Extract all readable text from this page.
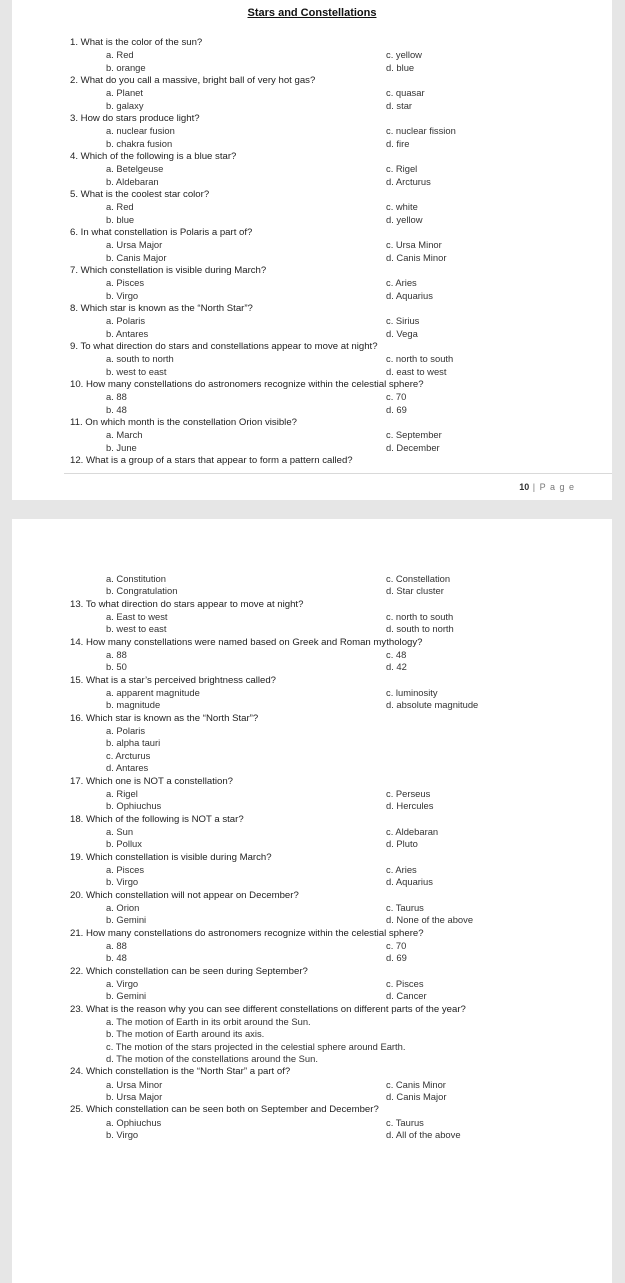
Stars and Constellations
1. What is the color of the sun?
a. Red	c. yellow
b. orange	d. blue
2. What do you call a massive, bright ball of very hot gas?
a. Planet	c. quasar
b. galaxy	d. star
3. How do stars produce light?
a. nuclear fusion	c. nuclear fission
b. chakra fusion	d. fire
4. Which of the following is a blue star?
a. Betelgeuse	c. Rigel
b. Aldebaran	d. Arcturus
5. What is the coolest star color?
a. Red	c. white
b. blue	d. yellow
6. In what constellation is Polaris a part of?
a. Ursa Major	c. Ursa Minor
b. Canis Major	d. Canis Minor
7. Which constellation is visible during March?
a. Pisces	c. Aries
b. Virgo	d. Aquarius
8. Which star is known as the “North Star”?
a. Polaris	c. Sirius
b. Antares	d. Vega
9. To what direction do stars and constellations appear to move at night?
a. south to north	c. north to south
b. west to east	d. east to west
10. How many constellations do astronomers recognize within the celestial sphere?
a. 88	c. 70
b. 48	d. 69
11. On which month is the constellation Orion visible?
a. March	c. September
b. June	d. December
12. What is a group of a stars that appear to form a pattern called?
10 | P a g e
a. Constitution	c. Constellation
b. Congratulation	d. Star cluster
13. To what direction do stars appear to move at night?
a. East to west	c. north to south
b. west to east	d. south to north
14. How many constellations were named based on Greek and Roman mythology?
a. 88	c. 48
b. 50	d. 42
15. What is a star’s perceived brightness called?
a. apparent magnitude	c. luminosity
b. magnitude	d. absolute magnitude
16. Which star is known as the “North Star”?
a. Polaris
b. alpha tauri
c. Arcturus
d. Antares
17. Which one is NOT a constellation?
a. Rigel	c. Perseus
b. Ophiuchus	d. Hercules
18. Which of the following is NOT a star?
a. Sun	c. Aldebaran
b. Pollux	d. Pluto
19. Which constellation is visible during March?
a. Pisces	c. Aries
b. Virgo	d. Aquarius
20. Which constellation will not appear on December?
a. Orion	c. Taurus
b. Gemini	d. None of the above
21. How many constellations do astronomers recognize within the celestial sphere?
a. 88	c. 70
b. 48	d. 69
22. Which constellation can be seen during September?
a. Virgo	c. Pisces
b. Gemini	d. Cancer
23. What is the reason why you can see different constellations on different parts of the year?
a. The motion of Earth in its orbit around the Sun.
b. The motion of Earth around its axis.
c. The motion of the stars projected in the celestial sphere around Earth.
d. The motion of the constellations around the Sun.
24. Which constellation is the “North Star” a part of?
a. Ursa Minor	c. Canis Minor
b. Ursa Major	d. Canis Major
25. Which constellation can be seen both on September and December?
a. Ophiuchus	c. Taurus
b. Virgo	d. All of the above
